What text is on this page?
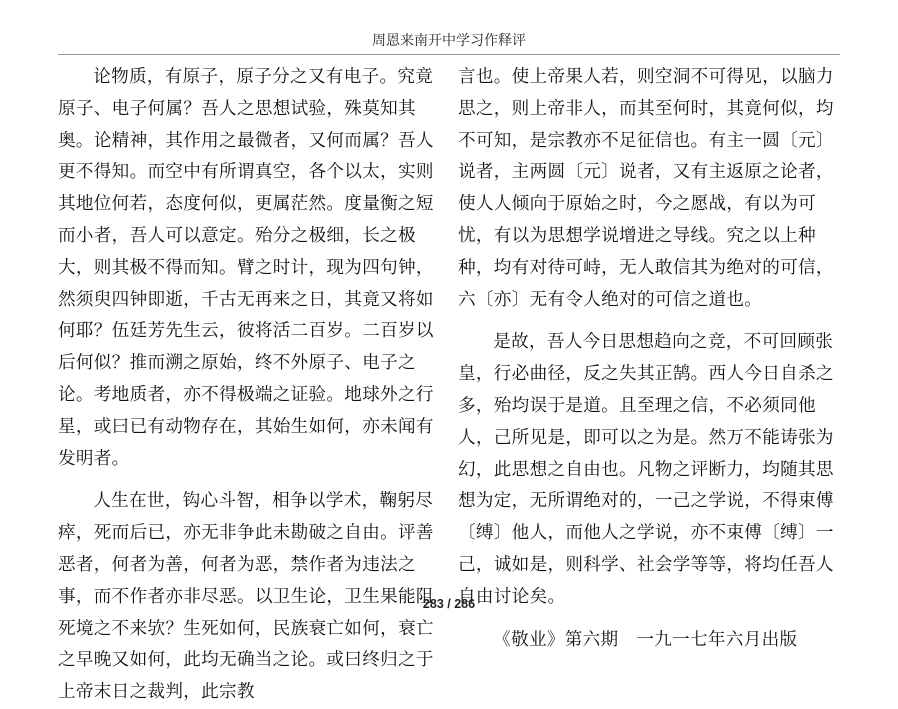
周恩来南开中学习作释评

论物质，有原子，原子分之又有电子。究竟原子、电子何属？吾人之思想试验，殊莫知其奥。论精神，其作用之最微者，又何而属？吾人更不得知。而空中有所谓真空，各个以太，实则其地位何若，态度何似，更属茫然。度量衡之短而小者，吾人可以意定。殆分之极细，长之极大，则其极不得而知。臂之时计，现为四句钟，然须臾四钟即逝，千古无再来之日，其竟又将如何耶？伍廷芳先生云，彼将活二百岁。二百岁以后何似？推而溯之原始，终不外原子、电子之论。考地质者，亦不得极端之证验。地球外之行星，或曰已有动物存在，其始生如何，亦未闻有发明者。

人生在世，钩心斗智，相争以学术，鞠躬尽瘁，死而后已，亦无非争此未勘破之自由。评善恶者，何者为善，何者为恶，禁作者为违法之事，而不作者亦非尽恶。以卫生论，卫生果能阻死境之不来欤？生死如何，民族衰亡如何，衰亡之早晚又如何，此均无确当之论。或曰终归之于上帝末日之裁判，此宗教

言也。使上帝果人若，则空洞不可得见，以脑力思之，则上帝非人，而其至何时，其竟何似，均不可知，是宗教亦不足征信也。有主一圆〔元〕说者，主两圆〔元〕说者，又有主返原之论者，使人人倾向于原始之时，今之愿战，有以为可忧，有以为思想学说增进之导线。究之以上种种，均有对待可峙，无人敢信其为绝对的可信，六〔亦〕无有令人绝对的可信之道也。

是故，吾人今日思想趋向之竞，不可回顾张皇，行必曲径，反之失其正鹄。西人今日自杀之多，殆均误于是道。且至理之信，不必须同他人，己所见是，即可以之为是。然万不能诪张为幻，此思想之自由也。凡物之评断力，均随其思想为定，无所谓绝对的，一己之学说，不得束傅〔缚〕他人，而他人之学说，亦不束傅〔缚〕一己，诚如是，则科学、社会学等等，将均任吾人自由讨论矣。

《敬业》第六期　一九一七年六月出版

283 / 286
